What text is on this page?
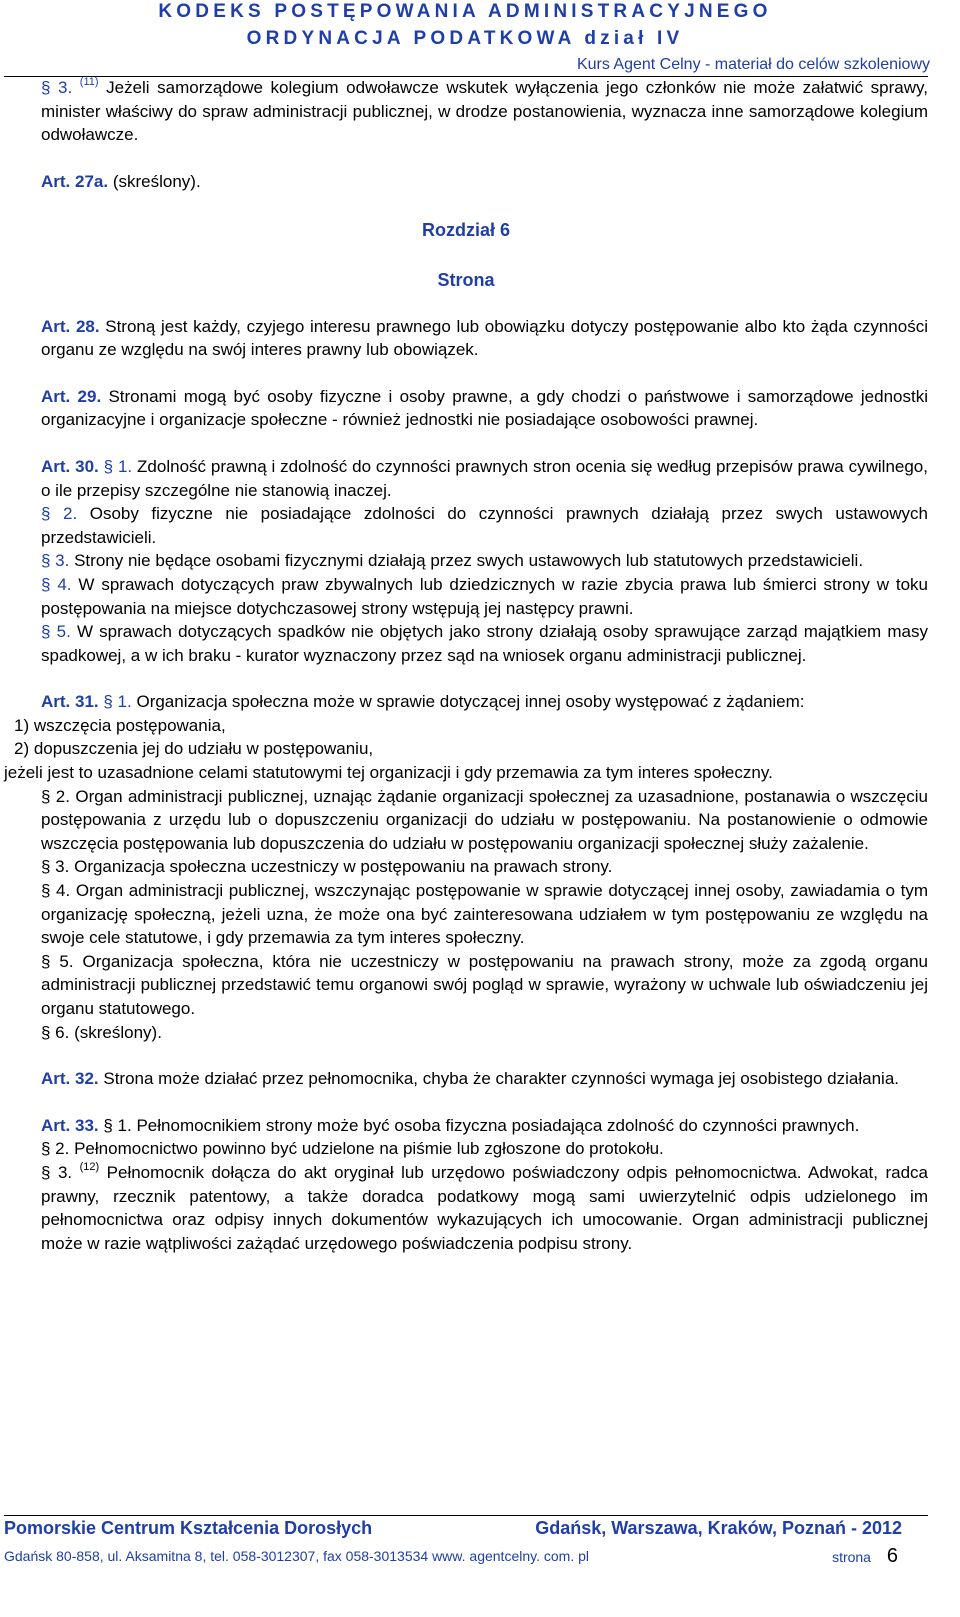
KODEKS POSTĘPOWANIA ADMINISTRACYJNEGO
ORDYNACJA PODATKOWA dział IV
Kurs Agent Celny - materiał do celów szkoleniowy

§ 3. $^{(11)}$ Jeżeli samorządowe kolegium odwoławcze wskutek wyłączenia jego członków nie może załatwić sprawy, minister właściwy do spraw administracji publicznej, w drodze postanowienia, wyznacza inne samorządowe kolegium odwoławcze.

Art. 27a. (skreślony).

Rozdział 6

Strona

Art. 28. Stroną jest każdy, czyjego interesu prawnego lub obowiązku dotyczy postępowanie albo kto żąda czynności organu ze względu na swój interes prawny lub obowiązek.

Art. 29. Stronami mogą być osoby fizyczne i osoby prawne, a gdy chodzi o państwowe i samorządowe jednostki organizacyjne i organizacje społeczne - również jednostki nie posiadające osobowości prawnej.

Art. 30. § 1. Zdolność prawną i zdolność do czynności prawnych stron ocenia się według przepisów prawa cywilnego, o ile przepisy szczególne nie stanowią inaczej.

§ 2. Osoby fizyczne nie posiadające zdolności do czynności prawnych działają przez swych ustawowych przedstawicieli.

§ 3. Strony nie będące osobami fizycznymi działają przez swych ustawowych lub statutowych przedstawicieli.

§ 4. W sprawach dotyczących praw zbywalnych lub dziedzicznych w razie zbycia prawa lub śmierci strony w toku postępowania na miejsce dotychczasowej strony wstępują jej następcy prawni.

§ 5. W sprawach dotyczących spadków nie objętych jako strony działają osoby sprawujące zarząd majątkiem masy spadkowej, a w ich braku - kurator wyznaczony przez sąd na wniosek organu administracji publicznej.

Art. 31. § 1. Organizacja społeczna może w sprawie dotyczącej innej osoby występować z żądaniem:

1) wszczęcia postępowania,

2) dopuszczenia jej do udziału w postępowaniu,

jeżeli jest to uzasadnione celami statutowymi tej organizacji i gdy przemawia za tym interes społeczny.

§ 2. Organ administracji publicznej, uznając żądanie organizacji społecznej za uzasadnione, postanawia o wszczęciu postępowania z urzędu lub o dopuszczeniu organizacji do udziału w postępowaniu. Na postanowienie o odmowie wszczęcia postępowania lub dopuszczenia do udziału w postępowaniu organizacji społecznej służy zażalenie.

§ 3. Organizacja społeczna uczestniczy w postępowaniu na prawach strony.

§ 4. Organ administracji publicznej, wszczynając postępowanie w sprawie dotyczącej innej osoby, zawiadamia o tym organizację społeczną, jeżeli uzna, że może ona być zainteresowana udziałem w tym postępowaniu ze względu na swoje cele statutowe, i gdy przemawia za tym interes społeczny.

§ 5. Organizacja społeczna, która nie uczestniczy w postępowaniu na prawach strony, może za zgodą organu administracji publicznej przedstawić temu organowi swój pogląd w sprawie, wyrażony w uchwale lub oświadczeniu jej organu statutowego.

§ 6. (skreślony).

Art. 32. Strona może działać przez pełnomocnika, chyba że charakter czynności wymaga jej osobistego działania.

Art. 33. § 1. Pełnomocnikiem strony może być osoba fizyczna posiadająca zdolność do czynności prawnych.

§ 2. Pełnomocnictwo powinno być udzielone na piśmie lub zgłoszone do protokołu.

§ 3. $^{(12)}$ Pełnomocnik dołącza do akt oryginał lub urzędowo poświadczony odpis pełnomocnictwa. Adwokat, radca prawny, rzecznik patentowy, a także doradca podatkowy mogą sami uwierzytelnić odpis udzielonego im pełnomocnictwa oraz odpisy innych dokumentów wykazujących ich umocowanie. Organ administracji publicznej może w razie wątpliwości zażądać urzędowego poświadczenia podpisu strony.

Pomorskie Centrum Kształcenia Dorosłych	Gdańsk, Warszawa, Kraków, Poznań - 2012
Gdańsk 80-858, ul. Aksamitna 8, tel. 058-3012307, fax 058-3013534 www. agentcelny. com. pl	strona 6
